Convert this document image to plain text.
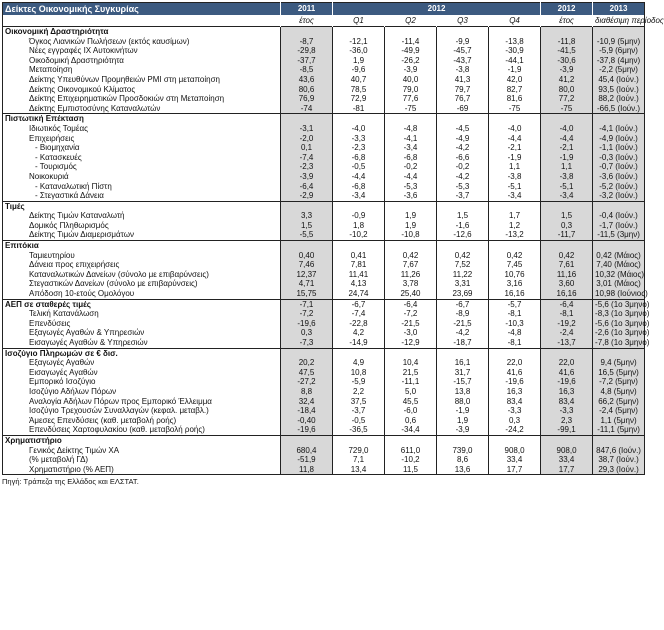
Δείκτες Οικονομικής Συγκυρίας	2011	2012				2012	2013
	έτος	Q1	Q2	Q3	Q4	έτος	διαθέσιμη περίοδος
Οικονομική Δραστηριότητα							
Όγκος Λιανικών Πωλήσεων (εκτός καυσίμων)	-8,7	-12,1	-11,4	-9,9	-13,8	-11,8	-10,9 (5μην)
Νέες εγγραφές ΙΧ Αυτοκινήτων	-29,8	-36,0	-49,9	-45,7	-30,9	-41,5	-5,9 (6μην)
Οικοδομική Δραστηριότητα	-37,7	1,9	-26,2	-43,7	-44,1	-30,6	-37,8 (4μην)
Μεταποίηση	-8,5	-9,6	-3,9	-3,8	-1,9	-3,9	-2,2 (5μην)
Δείκτης Υπευθύνων Προμηθειών PMI στη μεταποίηση	43,6	40,7	40,0	41,3	42,0	41,2	45,4 (Ιούν.)
Δείκτης Οικονομικού Κλίματος	80,6	78,5	79,0	79,7	82,7	80,0	93,5 (Ιούν.)
Δείκτης Επιχειρηματικών Προσδοκιών στη Μεταποίηση	76,9	72,9	77,6	76,7	81,6	77,2	88,2 (Ιούν.)
Δείκτης Εμπιστοσύνης Καταναλωτών	-74	-81	-75	-69	-75	-75	-66,5 (Ιούν.)
Πιστωτική Επέκταση							
Ιδιωτικός Τομέας	-3,1	-4,0	-4,8	-4,5	-4,0	-4,0	-4,1 (Ιούν.)
Επιχειρήσεις	-2,0	-3,3	-4,1	-4,9	-4,4	-4,4	-4,9 (Ιούν.)
- Βιομηχανία	0,1	-2,3	-3,4	-4,2	-2,1	-2,1	-1,1 (Ιούν.)
- Κατασκευές	-7,4	-6,8	-6,8	-6,6	-1,9	-1,9	-0,3 (Ιούν.)
- Τουρισμός	-2,3	-0,5	-0,2	-0,2	1,1	1,1	-0,7 (Ιούν.)
Νοικοκυριά	-3,9	-4,4	-4,4	-4,2	-3,8	-3,8	-3,6 (Ιούν.)
- Καταναλωτική Πίστη	-6,4	-6,8	-5,3	-5,3	-5,1	-5,1	-5,2 (Ιούν.)
- Στεγαστικά Δάνεια	-2,9	-3,4	-3,6	-3,7	-3,4	-3,4	-3,2 (Ιούν.)
Τιμές							
Δείκτης Τιμών Καταναλωτή	3,3	-0,9	1,9	1,5	1,7	1,5	-0,4 (Ιούν.)
Δομικός Πληθωρισμός	1,5	1,8	1,9	-1,6	1,2	0,3	-1,7 (Ιούν.)
Δείκτης Τιμών Διαμερισμάτων	-5,5	-10,2	-10,8	-12,6	-13,2	-11,7	-11,5 (3μην)
Επιτόκια							
Ταμιευτηρίου	0,40	0,41	0,42	0,42	0,42	0,42	0,42 (Μάιος)
Δάνεια προς επιχειρήσεις	7,46	7,81	7,67	7,52	7,45	7,61	7,40 (Μάιος)
Καταναλωτικών Δανείων (σύνολο με επιβαρύνσεις)	12,37	11,41	11,26	11,22	10,76	11,16	10,32 (Μάιος)
Στεγαστικών Δανείων (σύνολο με επιβαρύνσεις)	4,71	4,13	3,78	3,31	3,16	3,60	3,01 (Μάιος)
Απόδοση 10-ετούς Ομολόγου	15,75	24,74	25,40	23,69	16,16	16,16	10,98 (Ιούνιος)
ΑΕΠ σε σταθερές τιμές	-7,1	-6,7	-6,4	-6,7	-5,7	-6,4	-5,6 (1ο 3μηνο)
Τελική Κατανάλωση	-7,2	-7,4	-7,2	-8,9	-8,1	-8,1	-8,3 (1ο 3μηνο)
Επενδύσεις	-19,6	-22,8	-21,5	-21,5	-10,3	-19,2	-5,6 (1ο 3μηνο)
Εξαγωγές Αγαθών & Υπηρεσιών	0,3	4,2	-3,0	-4,2	-4,8	-2,4	-2,6 (1ο 3μηνο)
Εισαγωγές Αγαθών & Υπηρεσιών	-7,3	-14,9	-12,9	-18,7	-8,1	-13,7	-7,8 (1ο 3μηνο)
Ισοζύγιο Πληρωμών σε € δισ.							
Εξαγωγές Αγαθών	20,2	4,9	10,4	16,1	22,0	22,0	9,4 (5μην)
Εισαγωγές Αγαθών	47,5	10,8	21,5	31,7	41,6	41,6	16,5 (5μην)
Εμπορικό Ισοζύγιο	-27,2	-5,9	-11,1	-15,7	-19,6	-19,6	-7,2 (5μην)
Ισοζύγιο Αδήλων Πόρων	8,8	2,2	5,0	13,8	16,3	16,3	4,8 (5μην)
Αναλογία Αδήλων Πόρων προς Εμπορικό Έλλειμμα	32,4	37,5	45,5	88,0	83,4	83,4	66,2 (5μην)
Ισοζύγιο Τρεχουσών Συναλλαγών (κεφαλ. μεταβλ.)	-18,4	-3,7	-6,0	-1,9	-3,3	-3,3	-2,4 (5μην)
Άμεσες Επενδύσεις (καθ. μεταβολή ροής)	-0,40	-0,5	0,6	1,9	0,3	2,3	1,1 (5μην)
Επενδύσεις Χαρτοφυλακίου (καθ. μεταβολή ροής)	-19,6	-36,5	-34,4	-3,9	-24,2	-99,1	-11,1 (5μην)
Χρηματιστήριο							
Γενικός Δείκτης Τιμών ΧΑ	680,4	729,0	611,0	739,0	908,0	908,0	847,6 (Ιούν.)
(% μεταβολή ΓΔ)	-51,9	7,1	-10,2	8,6	33,4	33,4	38,7 (Ιούν.)
Χρηματιστήριο (% ΑΕΠ)	11,8	13,4	11,5	13,6	17,7	17,7	29,3 (Ιούν.)
Πηγή: Τράπεζα της Ελλάδος και ΕΛΣΤΑΤ.
